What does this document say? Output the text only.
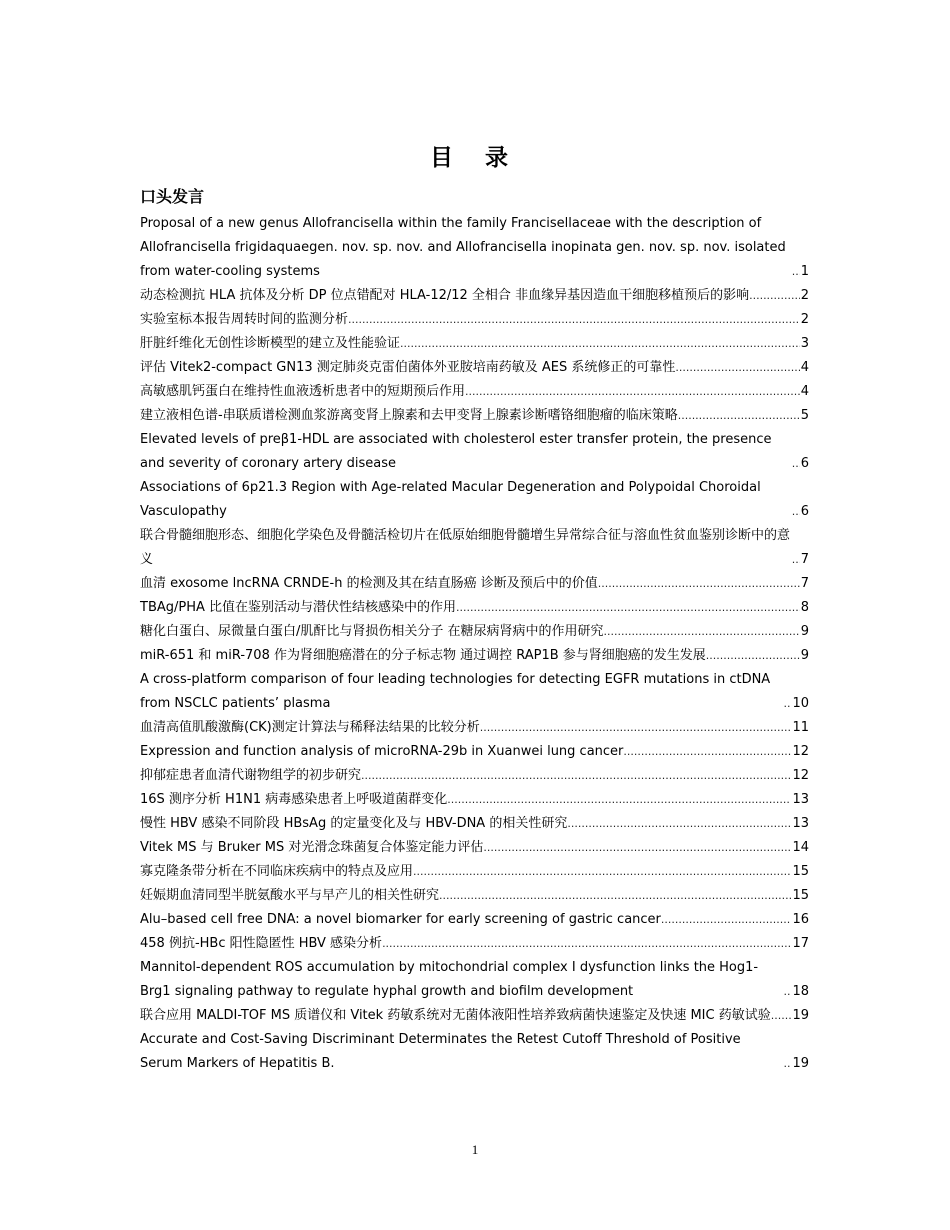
目 录
口头发言
Proposal of a new genus Allofrancisella within the family Francisellaceae with the description of Allofrancisella frigidaquaegen. nov. sp. nov. and Allofrancisella inopinata gen. nov. sp. nov. isolated from water-cooling systems .....	1
动态检测抗 HLA 抗体及分析 DP 位点错配对 HLA-12/12 全相合 非血缘异基因造血干细胞移植预后的影响 .....	2
实验室标本报告周转时间的监测分析 .....	2
肝脏纤维化无创性诊断模型的建立及性能验证 .....	3
评估 Vitek2-compact GN13 测定肺炎克雷伯菌体外亚胺培南药敏及 AES 系统修正的可靠性 .....	4
高敏感肌钙蛋白在维持性血液透析患者中的短期预后作用 .....	4
建立液相色谱-串联质谱检测血浆游离变肾上腺素和去甲变肾上腺素诊断嗜铬细胞瘤的临床策略 .....	5
Elevated levels of preβ1-HDL are associated with cholesterol ester transfer protein, the presence and severity of coronary artery disease .....	6
Associations of 6p21.3 Region with Age-related Macular Degeneration and Polypoidal Choroidal Vasculopathy .....	6
联合骨髓细胞形态、细胞化学染色及骨髓活检切片在低原始细胞骨髓增生异常综合征与溶血性贫血鉴别诊断中的意义 .....	7
血清 exosome lncRNA CRNDE-h 的检测及其在结直肠癌 诊断及预后中的价值 .....	7
TBAg/PHA 比值在鉴别活动与潜伏性结核感染中的作用 .....	8
糖化白蛋白、尿微量白蛋白/肌酐比与肾损伤相关分子 在糖尿病肾病中的作用研究 .....	9
miR-651 和 miR-708 作为肾细胞癌潜在的分子标志物 通过调控 RAP1B 参与肾细胞癌的发生发展 .....	9
A cross-platform comparison of four leading technologies for detecting EGFR mutations in ctDNA from NSCLC patients’ plasma .....	10
血清高值肌酸激酶(CK)测定计算法与稀释法结果的比较分析 .....	11
Expression and function analysis of microRNA-29b in Xuanwei lung cancer .....	12
抑郁症患者血清代谢物组学的初步研究 .....	12
16S 测序分析 H1N1 病毒感染患者上呼吸道菌群变化 .....	13
慢性 HBV 感染不同阶段 HBsAg 的定量变化及与 HBV-DNA 的相关性研究 .....	13
Vitek MS 与 Bruker MS 对光滑念珠菌复合体鉴定能力评估 .....	14
寡克隆条带分析在不同临床疾病中的特点及应用 .....	15
妊娠期血清同型半胱氨酸水平与早产儿的相关性研究 .....	15
Alu–based cell free DNA: a novel biomarker for early screening of gastric cancer .....	16
458 例抗-HBc 阳性隐匿性 HBV 感染分析 .....	17
Mannitol-dependent ROS accumulation by mitochondrial complex I dysfunction links the Hog1-Brg1 signaling pathway to regulate hyphal growth and biofilm development .....	18
联合应用 MALDI-TOF MS 质谱仪和 Vitek 药敏系统对无菌体液阳性培养致病菌快速鉴定及快速 MIC 药敏试验 ..... 19
Accurate and Cost-Saving Discriminant Determinates the Retest Cutoff Threshold of Positive Serum Markers of Hepatitis B. .....	19
1
